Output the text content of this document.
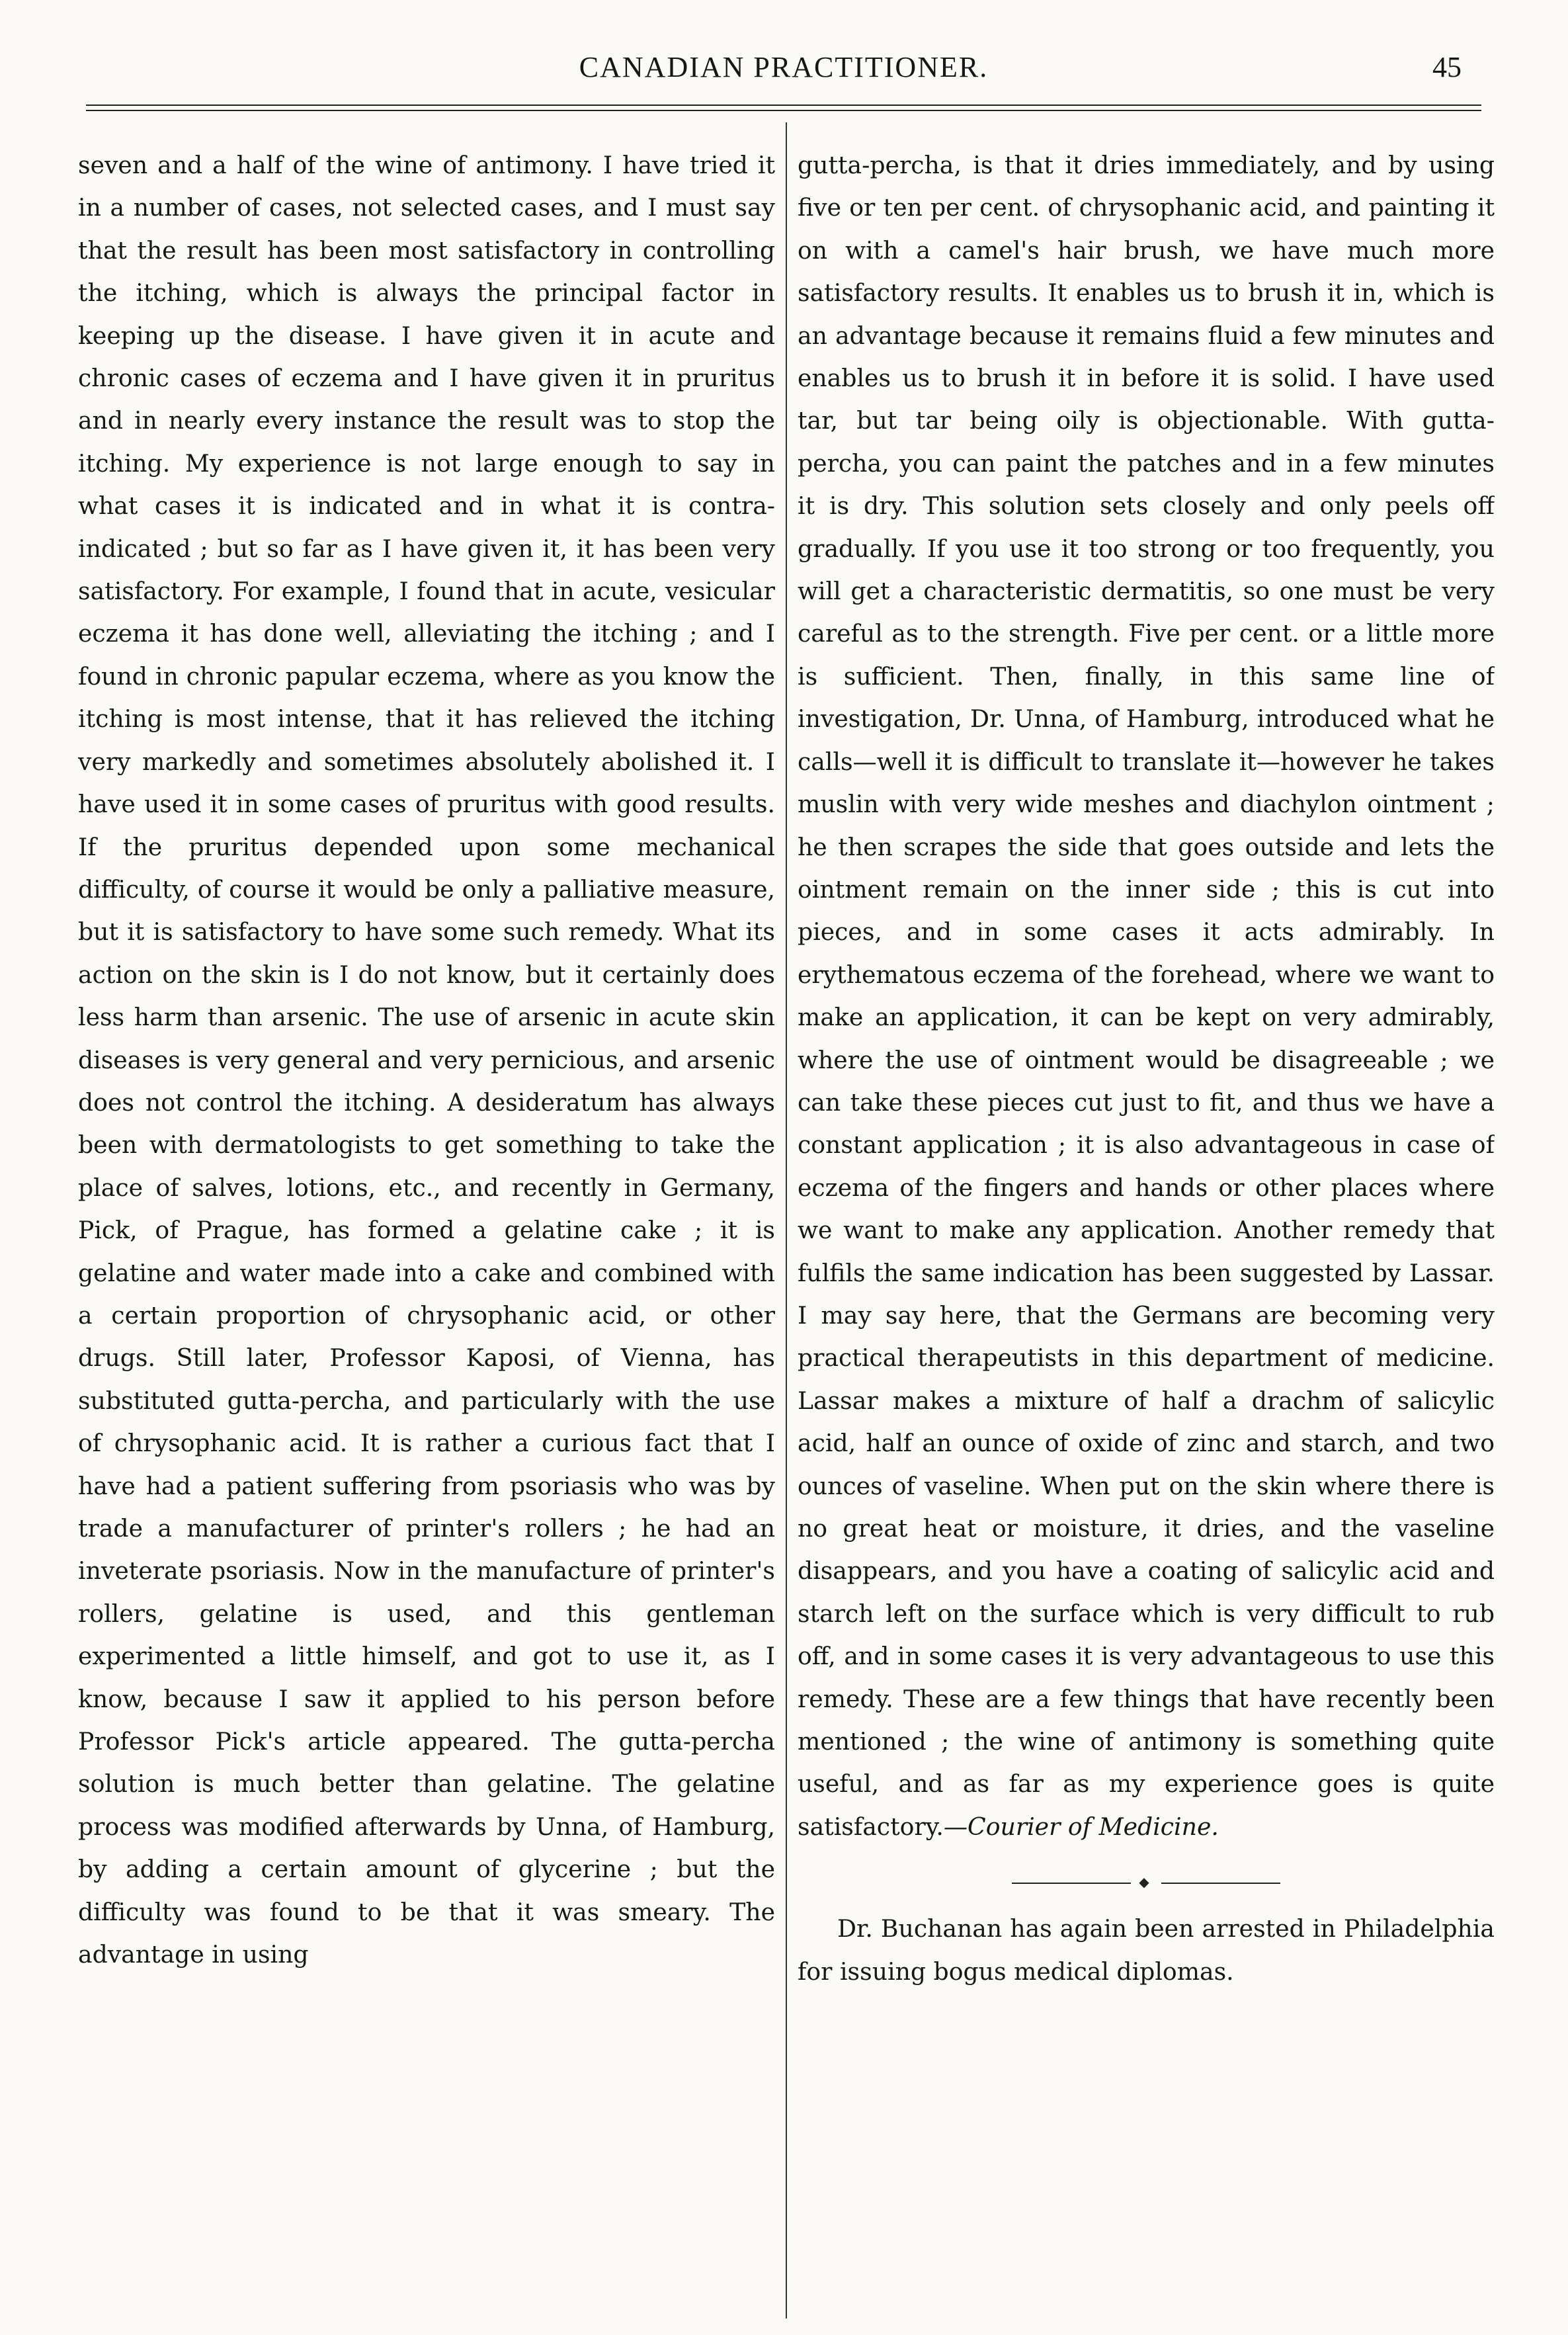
CANADIAN PRACTITIONER.	45

seven and a half of the wine of antimony. I have tried it in a number of cases, not selected cases, and I must say that the result has been most satisfactory in controlling the itching, which is always the principal factor in keeping up the disease. I have given it in acute and chronic cases of eczema and I have given it in pruritus and in nearly every instance the result was to stop the itching. My experience is not large enough to say in what cases it is indicated and in what it is contra-indicated ; but so far as I have given it, it has been very satisfactory. For example, I found that in acute, vesicular eczema it has done well, alleviating the itching ; and I found in chronic papular eczema, where as you know the itching is most intense, that it has relieved the itching very markedly and sometimes absolutely abolished it. I have used it in some cases of pruritus with good results. If the pruritus depended upon some mechanical difficulty, of course it would be only a palliative measure, but it is satisfactory to have some such remedy. What its action on the skin is I do not know, but it certainly does less harm than arsenic. The use of arsenic in acute skin diseases is very general and very pernicious, and arsenic does not control the itching. A desideratum has always been with dermatologists to get something to take the place of salves, lotions, etc., and recently in Germany, Pick, of Prague, has formed a gelatine cake ; it is gelatine and water made into a cake and combined with a certain proportion of chrysophanic acid, or other drugs. Still later, Professor Kaposi, of Vienna, has substituted gutta-percha, and particularly with the use of chrysophanic acid. It is rather a curious fact that I have had a patient suffering from psoriasis who was by trade a manufacturer of printer's rollers ; he had an inveterate psoriasis. Now in the manufacture of printer's rollers, gelatine is used, and this gentleman experimented a little himself, and got to use it, as I know, because I saw it applied to his person before Professor Pick's article appeared. The gutta-percha solution is much better than gelatine. The gelatine process was modified afterwards by Unna, of Hamburg, by adding a certain amount of glycerine ; but the difficulty was found to be that it was smeary. The advantage in using

gutta-percha, is that it dries immediately, and by using five or ten per cent. of chrysophanic acid, and painting it on with a camel's hair brush, we have much more satisfactory results. It enables us to brush it in, which is an advantage because it remains fluid a few minutes and enables us to brush it in before it is solid. I have used tar, but tar being oily is objectionable. With gutta-percha, you can paint the patches and in a few minutes it is dry. This solution sets closely and only peels off gradually. If you use it too strong or too frequently, you will get a characteristic dermatitis, so one must be very careful as to the strength. Five per cent. or a little more is sufficient. Then, finally, in this same line of investigation, Dr. Unna, of Hamburg, introduced what he calls—well it is difficult to translate it—however he takes muslin with very wide meshes and diachylon ointment ; he then scrapes the side that goes outside and lets the ointment remain on the inner side ; this is cut into pieces, and in some cases it acts admirably. In erythematous eczema of the forehead, where we want to make an application, it can be kept on very admirably, where the use of ointment would be disagreeable ; we can take these pieces cut just to fit, and thus we have a constant application ; it is also advantageous in case of eczema of the fingers and hands or other places where we want to make any application. Another remedy that fulfils the same indication has been suggested by Lassar. I may say here, that the Germans are becoming very practical therapeutists in this department of medicine. Lassar makes a mixture of half a drachm of salicylic acid, half an ounce of oxide of zinc and starch, and two ounces of vaseline. When put on the skin where there is no great heat or moisture, it dries, and the vaseline disappears, and you have a coating of salicylic acid and starch left on the surface which is very difficult to rub off, and in some cases it is very advantageous to use this remedy. These are a few things that have recently been mentioned ; the wine of antimony is something quite useful, and as far as my experience goes is quite satisfactory.—Courier of Medicine.

◆

Dr. Buchanan has again been arrested in Philadelphia for issuing bogus medical diplomas.
